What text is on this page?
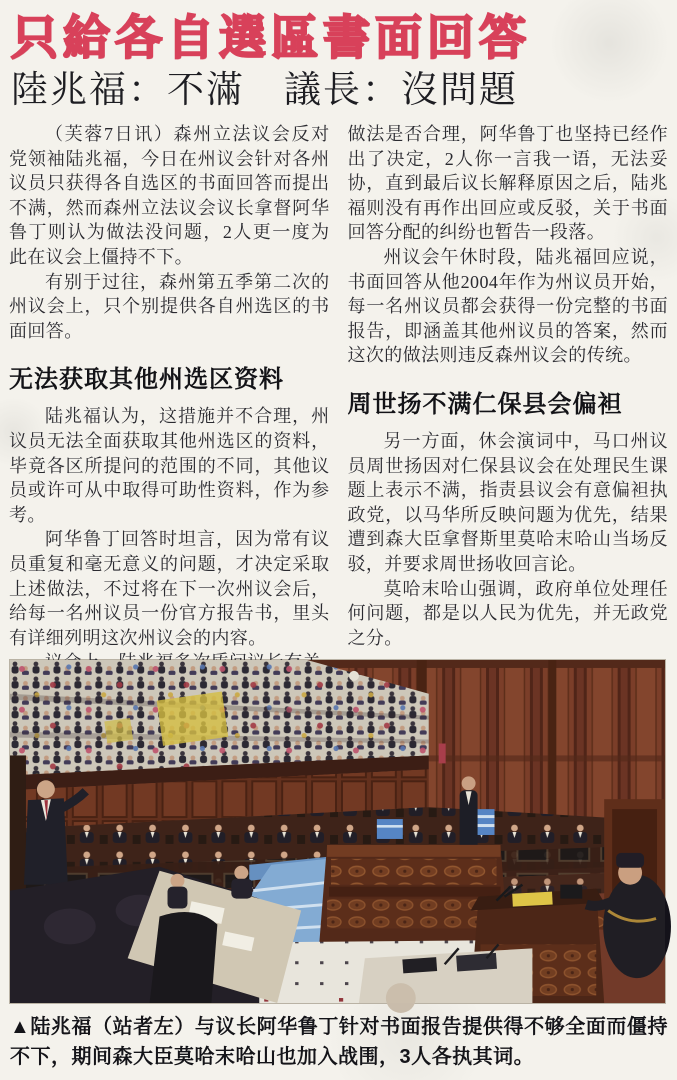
只給各自選區書面回答
陸兆福：不滿　議長：沒問題

（芙蓉7日讯）森州立法议会反对党领袖陆兆福，今日在州议会针对各州议员只获得各自选区的书面回答而提出不满，然而森州立法议会议长拿督阿华鲁丁则认为做法没问题，2人更一度为此在议会上僵持不下。

有别于过往，森州第五季第二次的州议会上，只个别提供各自州选区的书面回答。

无法获取其他州选区资料

陆兆福认为，这措施并不合理，州议员无法全面获取其他州选区的资料，毕竟各区所提问的范围的不同，其他议员或许可从中取得可助性资料，作为参考。

阿华鲁丁回答时坦言，因为常有议员重复和毫无意义的问题，才决定采取上述做法，不过将在下一次州议会后，给每一名州议员一份官方报告书，里头有详细列明这次州议会的内容。

做法是否合理，阿华鲁丁也坚持已经作出了决定，2人你一言我一语，无法妥协，直到最后议长解释原因之后，陆兆福则没有再作出回应或反驳，关于书面回答分配的纠纷也暂告一段落。

州议会午休时段，陆兆福回应说，书面回答从他2004年作为州议员开始，每一名州议员都会获得一份完整的书面报告，即涵盖其他州议员的答案，然而这次的做法则违反森州议会的传统。

周世扬不满仁保县会偏袒

另一方面，休会演词中，马口州议员周世扬因对仁保县议会在处理民生课题上表示不满，指责县议会有意偏袒执政党，以马华所反映问题为优先，结果遭到森大臣拿督斯里莫哈末哈山当场反驳，并要求周世扬收回言论。

莫哈末哈山强调，政府单位处理任何问题，都是以人民为优先，并无政党之分。

▲陆兆福（站者左）与议长阿华鲁丁针对书面报告提供得不够全面而僵持不下，期间森大臣莫哈末哈山也加入战围，3人各执其词。
